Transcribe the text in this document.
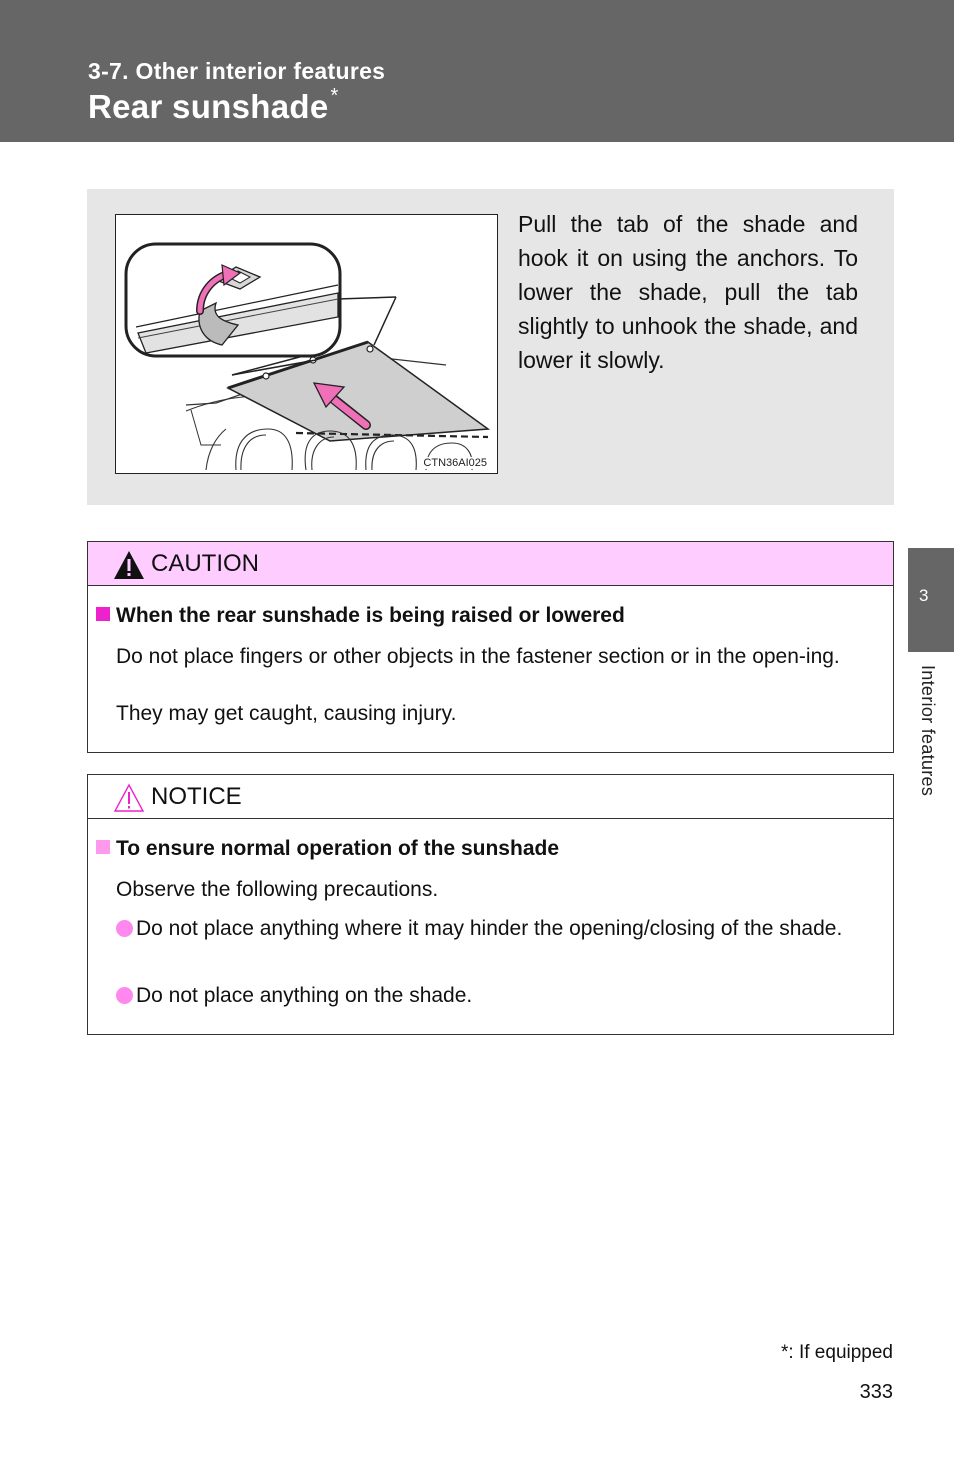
3-7. Other interior features
Rear sunshade *
CTN36AI025
Pull the tab of the shade and hook it on using the anchors. To lower the shade, pull the tab slightly to unhook the shade, and lower it slowly.
CAUTION
When the rear sunshade is being raised or lowered
Do not place fingers or other objects in the fastener section or in the open-ing.
They may get caught, causing injury.
NOTICE
To ensure normal operation of the sunshade
Observe the following precautions.
Do not place anything where it may hinder the opening/closing of the shade.
Do not place anything on the shade.
3
Interior features
*: If equipped
333
